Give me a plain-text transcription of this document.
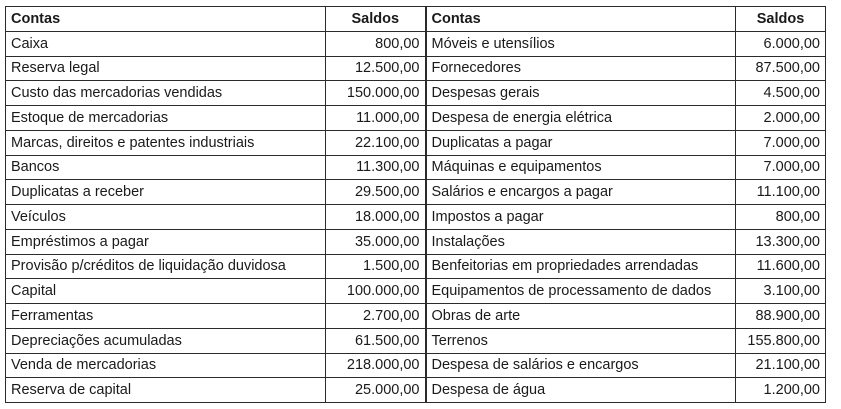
Contas	Saldos	Contas	Saldos
Caixa	800,00	Móveis e utensílios	6.000,00
Reserva legal	12.500,00	Fornecedores	87.500,00
Custo das mercadorias vendidas	150.000,00	Despesas gerais	4.500,00
Estoque de mercadorias	11.000,00	Despesa de energia elétrica	2.000,00
Marcas, direitos e patentes industriais	22.100,00	Duplicatas a pagar	7.000,00
Bancos	11.300,00	Máquinas e equipamentos	7.000,00
Duplicatas a receber	29.500,00	Salários e encargos a pagar	11.100,00
Veículos	18.000,00	Impostos a pagar	800,00
Empréstimos a pagar	35.000,00	Instalações	13.300,00
Provisão p/créditos de liquidação duvidosa	1.500,00	Benfeitorias em propriedades arrendadas	11.600,00
Capital	100.000,00	Equipamentos de processamento de dados	3.100,00
Ferramentas	2.700,00	Obras de arte	88.900,00
Depreciações acumuladas	61.500,00	Terrenos	155.800,00
Venda de mercadorias	218.000,00	Despesa de salários e encargos	21.100,00
Reserva de capital	25.000,00	Despesa de água	1.200,00
